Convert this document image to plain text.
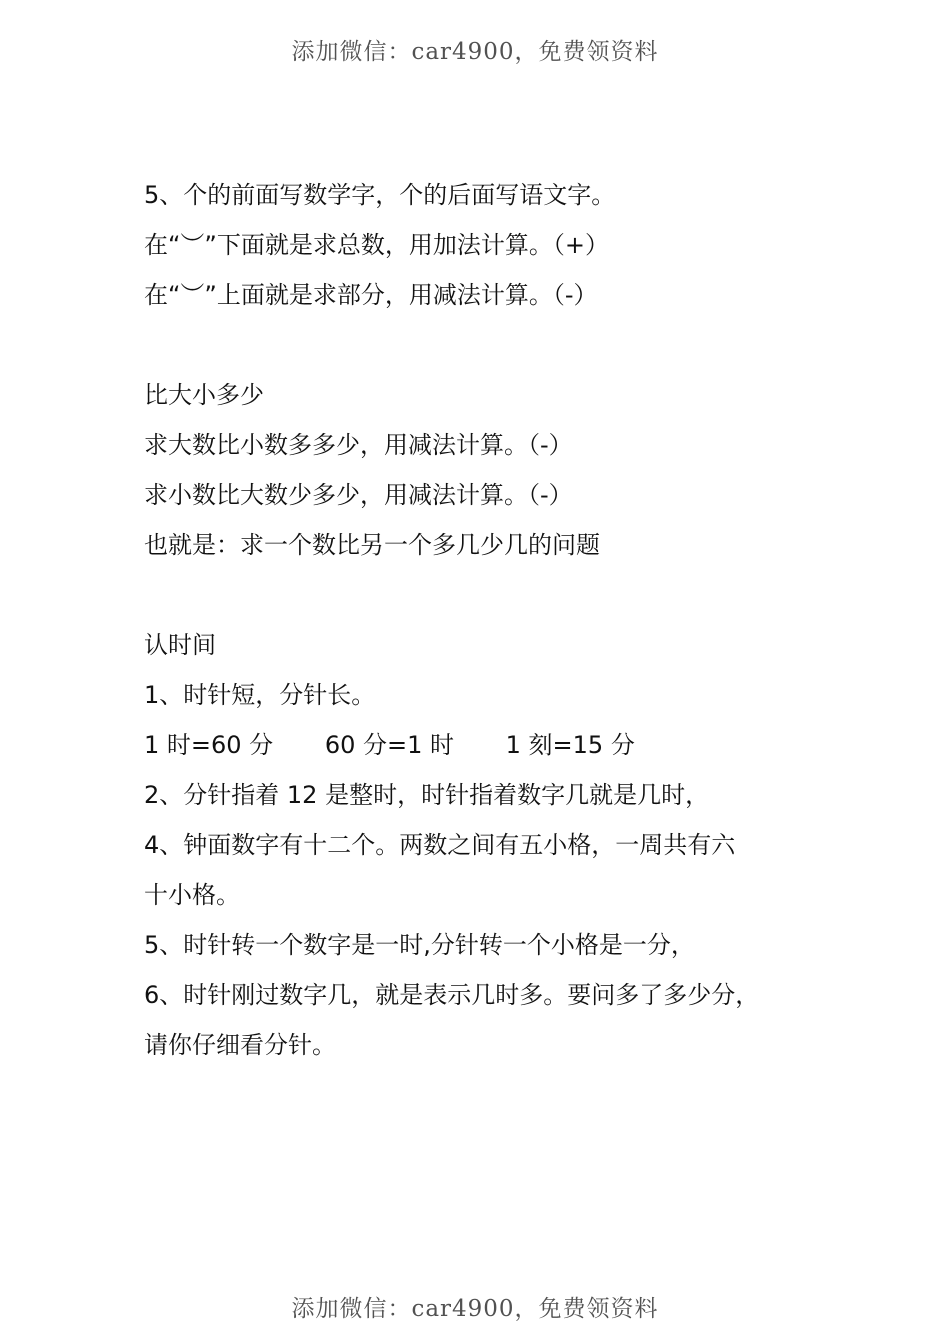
添加微信：car4900，免费领资料
5、个的前面写数学字，个的后面写语文字。
在“︶”下面就是求总数，用加法计算。（+）
在“︶”上面就是求部分，用减法计算。（-）
比大小多少
求大数比小数多多少，用减法计算。（-）
求小数比大数少多少，用减法计算。（-）
也就是：求一个数比另一个多几少几的问题
认时间
1、时针短，分针长。
1 时=60 分 60 分=1 时 1 刻=15 分
2、分针指着 12 是整时，时针指着数字几就是几时，
4、钟面数字有十二个。两数之间有五小格，一周共有六
十小格。
5、时针转一个数字是一时,分针转一个小格是一分，
6、时针刚过数字几，就是表示几时多。要问多了多少分，
请你仔细看分针。
添加微信：car4900，免费领资料
